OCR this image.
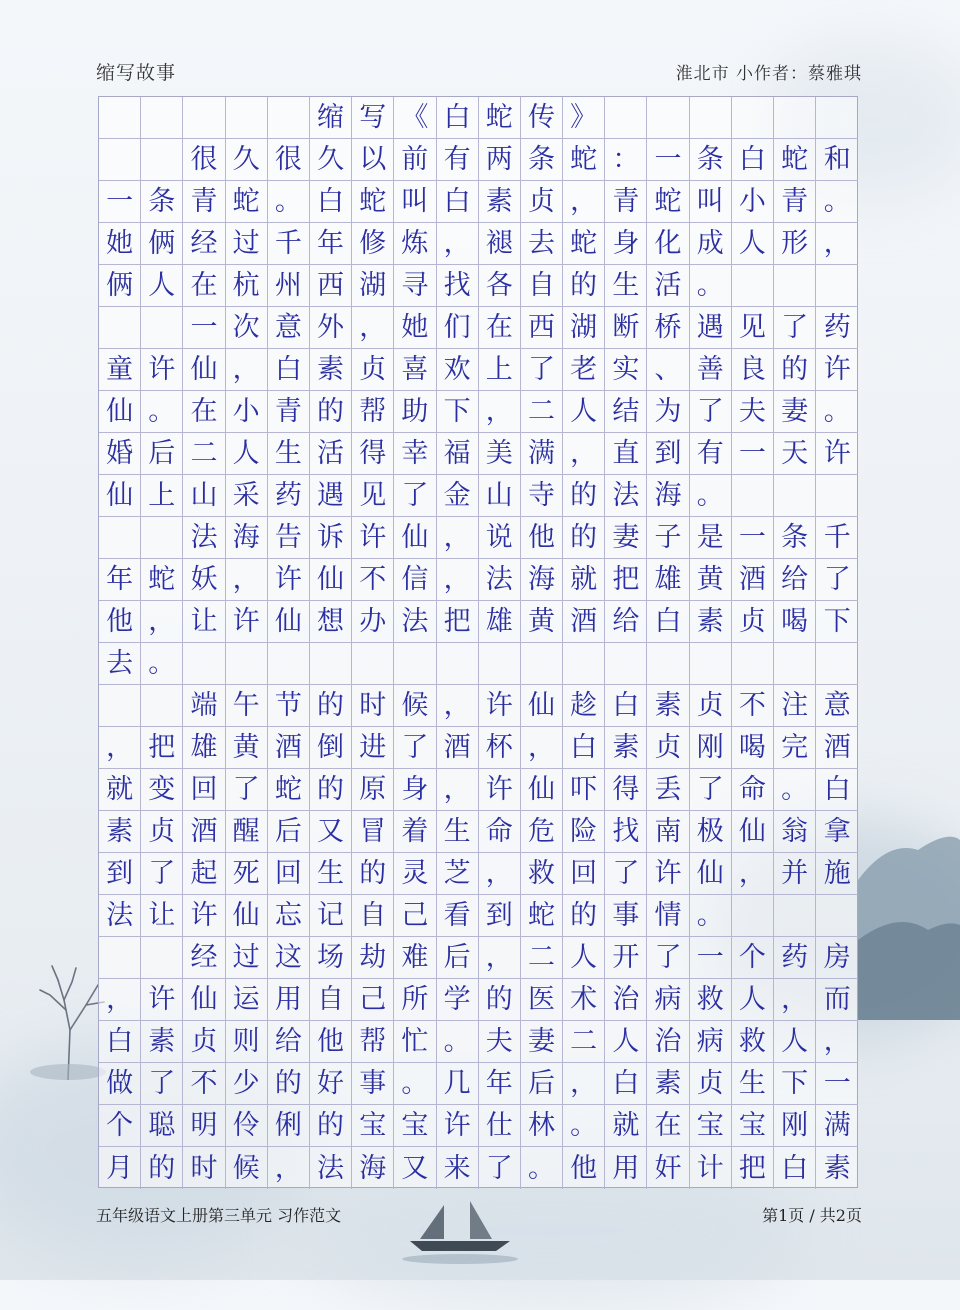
缩写故事	淮北市 小作者：蔡雅琪
缩 写 《 白 蛇 传 》
很 久 很 久 以 前 有 两 条 蛇 ： 一 条 白 蛇 和
一 条 青 蛇 。 白 蛇 叫 白 素 贞 ， 青 蛇 叫 小 青 。
她 俩 经 过 千 年 修 炼 ， 褪 去 蛇 身 化 成 人 形 ，
俩 人 在 杭 州 西 湖 寻 找 各 自 的 生 活 。
一 次 意 外 ， 她 们 在 西 湖 断 桥 遇 见 了 药
童 许 仙 ， 白 素 贞 喜 欢 上 了 老 实 、 善 良 的 许
仙 。 在 小 青 的 帮 助 下 ， 二 人 结 为 了 夫 妻 。
婚 后 二 人 生 活 得 幸 福 美 满 ， 直 到 有 一 天 许
仙 上 山 采 药 遇 见 了 金 山 寺 的 法 海 。
法 海 告 诉 许 仙 ， 说 他 的 妻 子 是 一 条 千
年 蛇 妖 ， 许 仙 不 信 ， 法 海 就 把 雄 黄 酒 给 了
他 ， 让 许 仙 想 办 法 把 雄 黄 酒 给 白 素 贞 喝 下
去 。
端 午 节 的 时 候 ， 许 仙 趁 白 素 贞 不 注 意
， 把 雄 黄 酒 倒 进 了 酒 杯 ， 白 素 贞 刚 喝 完 酒
就 变 回 了 蛇 的 原 身 ， 许 仙 吓 得 丢 了 命 。 白
素 贞 酒 醒 后 又 冒 着 生 命 危 险 找 南 极 仙 翁 拿
到 了 起 死 回 生 的 灵 芝 ， 救 回 了 许 仙 ， 并 施
法 让 许 仙 忘 记 自 己 看 到 蛇 的 事 情 。
经 过 这 场 劫 难 后 ， 二 人 开 了 一 个 药 房
， 许 仙 运 用 自 己 所 学 的 医 术 治 病 救 人 ， 而
白 素 贞 则 给 他 帮 忙 。 夫 妻 二 人 治 病 救 人 ，
做 了 不 少 的 好 事 。 几 年 后 ， 白 素 贞 生 下 一
个 聪 明 伶 俐 的 宝 宝 许 仕 林 。 就 在 宝 宝 刚 满
月 的 时 候 ， 法 海 又 来 了 。 他 用 奸 计 把 白 素
五年级语文上册第三单元 习作范文	第1页 / 共2页
